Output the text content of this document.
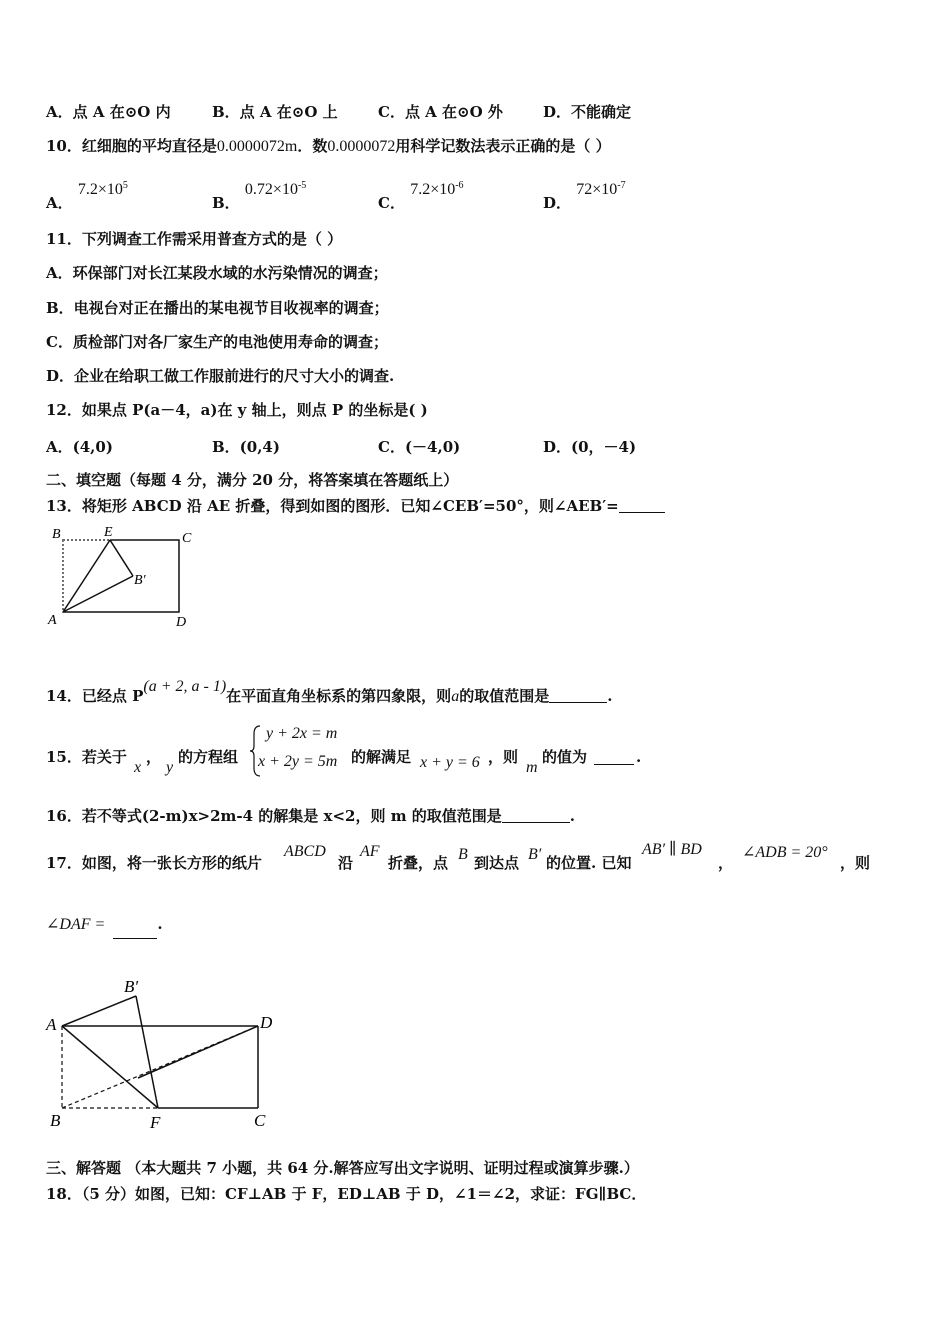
A．点 A 在⊙O 内	B．点 A 在⊙O 上	C．点 A 在⊙O 外	D．不能确定
10．红细胞的平均直径是0.0000072m．数0.0000072用科学记数法表示正确的是（ ）
A． $7.2\times 10^5$
B． $0.72\times 10^{-5}$
C． $7.2\times 10^{-6}$
D． $72\times 10^{-7}$
11．下列调查工作需采用普查方式的是（ ）
A．环保部门对长江某段水域的水污染情况的调查；
B．电视台对正在播出的某电视节目收视率的调查；
C．质检部门对各厂家生产的电池使用寿命的调查；
D．企业在给职工做工作服前进行的尺寸大小的调查.
12．如果点 P(a－4，a)在 y 轴上，则点 P 的坐标是( )
A．(4,0)	B．(0,4)	C．(－4,0)	D．(0，－4)
二、填空题（每题 4 分，满分 20 分，将答案填在答题纸上）
13．将矩形 ABCD 沿 AE 折叠，得到如图的图形．已知∠CEB′=50°，则∠AEB′=
B	E	C
B′
A	D
14．已经点 P(a + 2, a - 1)在平面直角坐标系的第四象限，则a的取值范围是	.
15．若关于
x
，
y
的方程组
y + 2x = m
x + 2y = 5m 的解满足 x + y = 6 ，则
m
的值为	.
16．若不等式(2-m)x>2m-4 的解集是 x<2，则 m 的取值范围是	.
17．如图，将一张长方形的纸片
ABCD
沿
AF
折叠，点 B 到达点 B′ 的位置. 已知
AB′ ∥ BD
，
∠ADB = 20°
，则
∠DAF =	.
B′
A	D
B	F	C
三、解答题 （本大题共 7 小题，共 64 分.解答应写出文字说明、证明过程或演算步骤.）
18．（5 分）如图，已知：CF⊥AB 于 F，ED⊥AB 于 D，∠1＝∠2，求证：FG∥BC．
